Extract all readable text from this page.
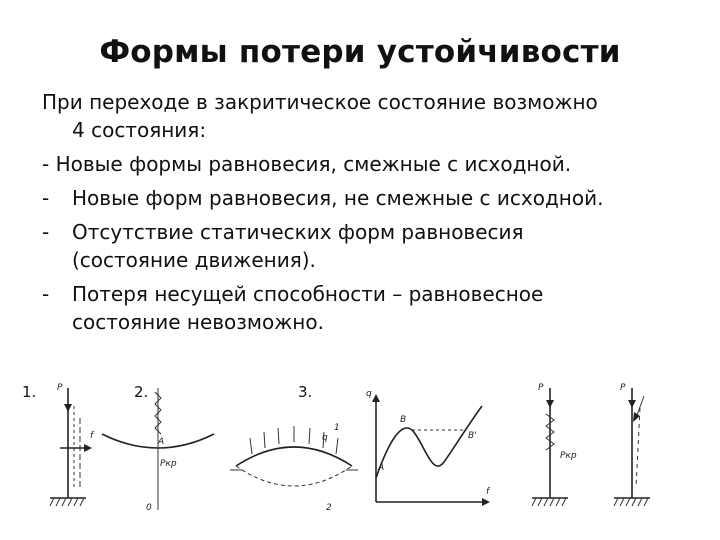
Формы потери устойчивости
При переходе в закритическое состояние возможно
4 состояния:
- Новые формы равновесия, смежные с исходной.
- Новые форм равновесия, не смежные с исходной.
- Отсутствие статических форм равновесия
(состояние движения).
- Потеря несущей способности – равновесное
состояние невозможно.
1.	2.	3.
P
f
A
Pкр
0
q
1
2
q
B
A
B'
f
P
Pкр
P
